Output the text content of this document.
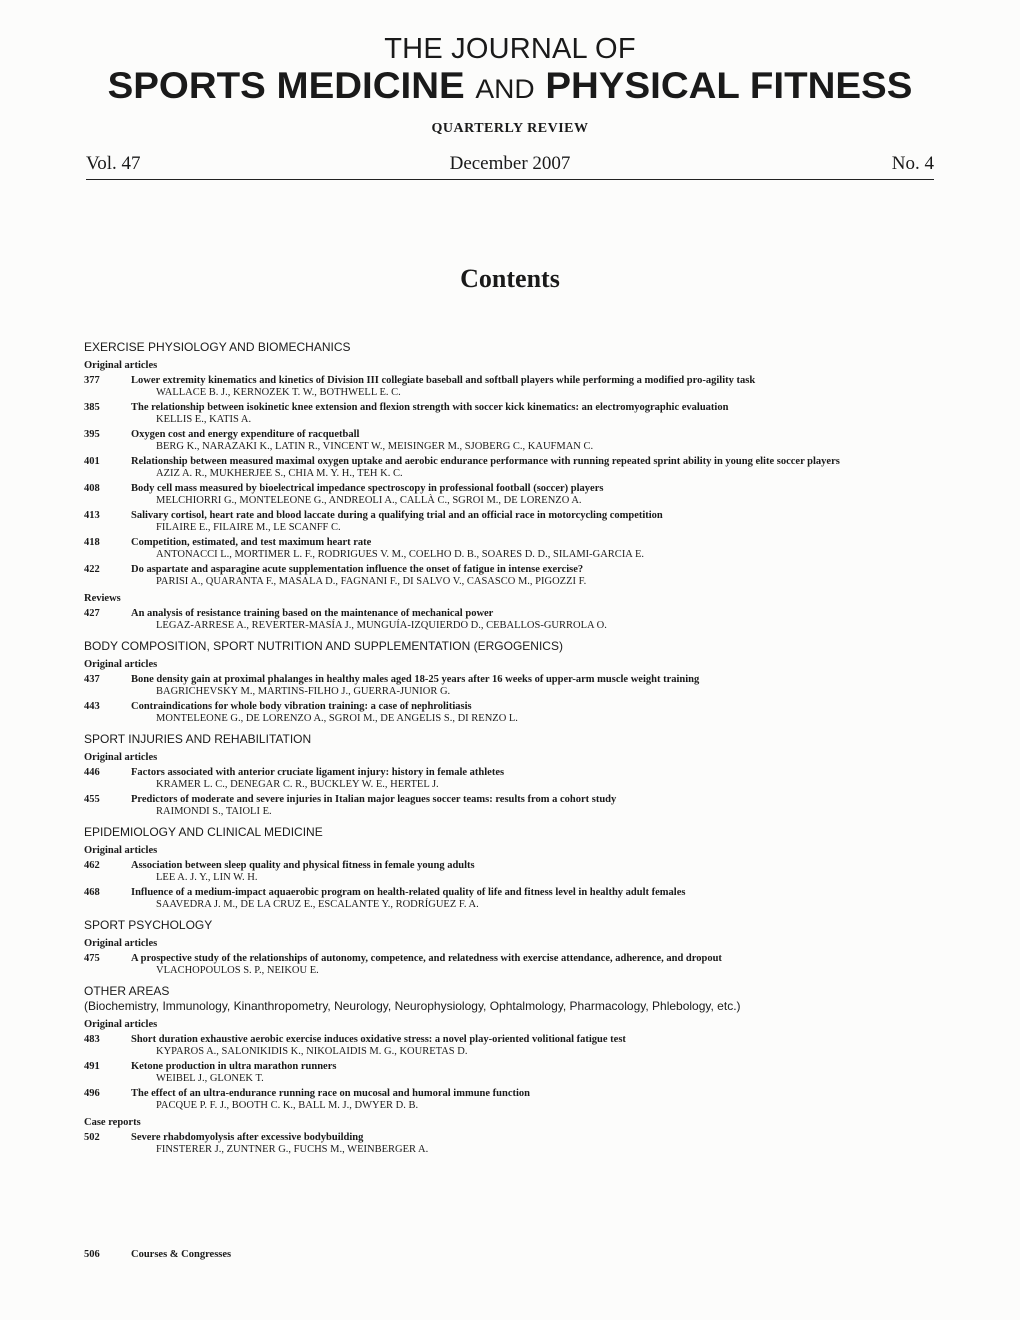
THE JOURNAL OF
SPORTS MEDICINE AND PHYSICAL FITNESS
QUARTERLY REVIEW
Vol. 47	December 2007	No. 4
Contents
EXERCISE PHYSIOLOGY AND BIOMECHANICS
Original articles
377	Lower extremity kinematics and kinetics of Division III collegiate baseball and softball players while performing a modified pro-agility task
WALLACE B. J., KERNOZEK T. W., BOTHWELL E. C.
385	The relationship between isokinetic knee extension and flexion strength with soccer kick kinematics: an electromyographic evaluation
KELLIS E., KATIS A.
395	Oxygen cost and energy expenditure of racquetball
BERG K., NARAZAKI K., LATIN R., VINCENT W., MEISINGER M., SJOBERG C., KAUFMAN C.
401	Relationship between measured maximal oxygen uptake and aerobic endurance performance with running repeated sprint ability in young elite soccer players
AZIZ A. R., MUKHERJEE S., CHIA M. Y. H., TEH K. C.
408	Body cell mass measured by bioelectrical impedance spectroscopy in professional football (soccer) players
MELCHIORRI G., MONTELEONE G., ANDREOLI A., CALLÀ C., SGROI M., DE LORENZO A.
413	Salivary cortisol, heart rate and blood laccate during a qualifying trial and an official race in motorcycling competition
FILAIRE E., FILAIRE M., LE SCANFF C.
418	Competition, estimated, and test maximum heart rate
ANTONACCI L., MORTIMER L. F., RODRIGUES V. M., COELHO D. B., SOARES D. D., SILAMI-GARCIA E.
422	Do aspartate and asparagine acute supplementation influence the onset of fatigue in intense exercise?
PARISI A., QUARANTA F., MASALA D., FAGNANI F., DI SALVO V., CASASCO M., PIGOZZI F.
Reviews
427	An analysis of resistance training based on the maintenance of mechanical power
LEGAZ-ARRESE A., REVERTER-MASÍA J., MUNGUÍA-IZQUIERDO D., CEBALLOS-GURROLA O.
BODY COMPOSITION, SPORT NUTRITION AND SUPPLEMENTATION (ERGOGENICS)
Original articles
437	Bone density gain at proximal phalanges in healthy males aged 18-25 years after 16 weeks of upper-arm muscle weight training
BAGRICHEVSKY M., MARTINS-FILHO J., GUERRA-JUNIOR G.
443	Contraindications for whole body vibration training: a case of nephrolitiasis
MONTELEONE G., DE LORENZO A., SGROI M., DE ANGELIS S., DI RENZO L.
SPORT INJURIES AND REHABILITATION
Original articles
446	Factors associated with anterior cruciate ligament injury: history in female athletes
KRAMER L. C., DENEGAR C. R., BUCKLEY W. E., HERTEL J.
455	Predictors of moderate and severe injuries in Italian major leagues soccer teams: results from a cohort study
RAIMONDI S., TAIOLI E.
EPIDEMIOLOGY AND CLINICAL MEDICINE
Original articles
462	Association between sleep quality and physical fitness in female young adults
LEE A. J. Y., LIN W. H.
468	Influence of a medium-impact aquaerobic program on health-related quality of life and fitness level in healthy adult females
SAAVEDRA J. M., DE LA CRUZ E., ESCALANTE Y., RODRÍGUEZ F. A.
SPORT PSYCHOLOGY
Original articles
475	A prospective study of the relationships of autonomy, competence, and relatedness with exercise attendance, adherence, and dropout
VLACHOPOULOS S. P., NEIKOU E.
OTHER AREAS
(Biochemistry, Immunology, Kinanthropometry, Neurology, Neurophysiology, Ophtalmology, Pharmacology, Phlebology, etc.)
Original articles
483	Short duration exhaustive aerobic exercise induces oxidative stress: a novel play-oriented volitional fatigue test
KYPAROS A., SALONIKIDIS K., NIKOLAIDIS M. G., KOURETAS D.
491	Ketone production in ultra marathon runners
WEIBEL J., GLONEK T.
496	The effect of an ultra-endurance running race on mucosal and humoral immune function
PACQUE P. F. J., BOOTH C. K., BALL M. J., DWYER D. B.
Case reports
502	Severe rhabdomyolysis after excessive bodybuilding
FINSTERER J., ZUNTNER G., FUCHS M., WEINBERGER A.
506	Courses & Congresses
